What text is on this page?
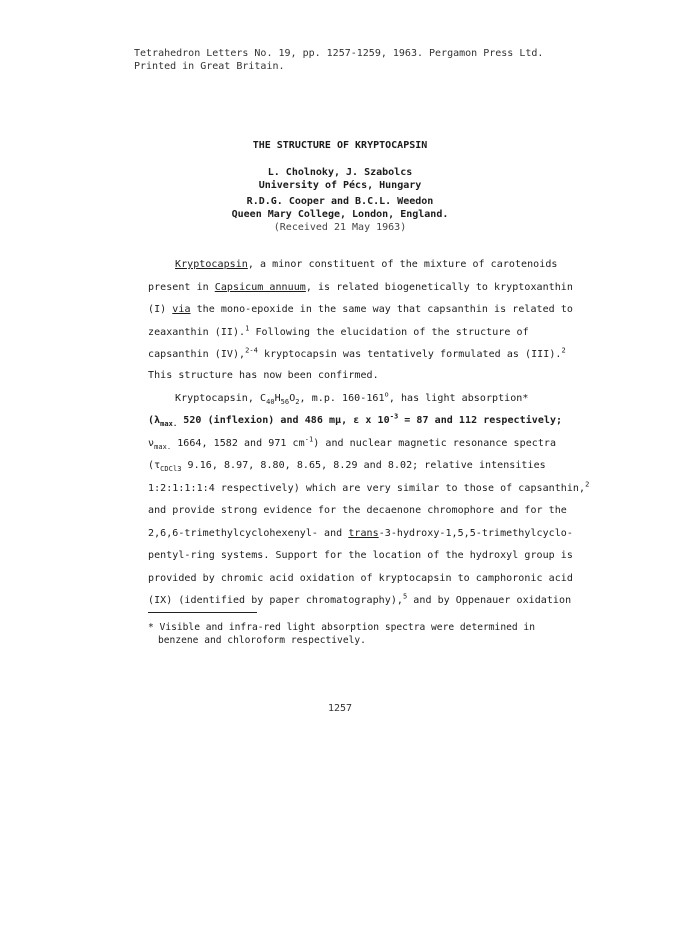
Tetrahedron Letters No. 19, pp. 1257-1259, 1963. Pergamon Press Ltd.
Printed in Great Britain.
THE STRUCTURE OF KRYPTOCAPSIN
L. Cholnoky, J. Szabolcs
University of Pécs, Hungary
R.D.G. Cooper and B.C.L. Weedon
Queen Mary College, London, England.
(Received 21 May 1963)
Kryptocapsin, a minor constituent of the mixture of carotenoids
present in Capsicum annuum, is related biogenetically to kryptoxanthin
(I) via the mono-epoxide in the same way that capsanthin is related to
zeaxanthin (II).$^1$ Following the elucidation of the structure of
capsanthin (IV),$^{2-4}$ kryptocapsin was tentatively formulated as (III).$^2$
This structure has now been confirmed.
Kryptocapsin, $C_{40}H_{56}O_2$, m.p. 160-161$^o$, has light absorption*
($\lambda_{max.}$ 520 (inflexion) and 486 mμ, ε x $10^{-3} = 87$ and 112 respectively;
$\nu_{max.}$ 1664, 1582 and 971 $cm^{-1}$) and nuclear magnetic resonance spectra
($\tau_{CDCl3}$ 9.16, 8.97, 8.80, 8.65, 8.29 and 8.02; relative intensities
1:2:1:1:1:4 respectively) which are very similar to those of capsanthin,$^2$
and provide strong evidence for the decaenone chromophore and for the
2,6,6-trimethylcyclohexenyl- and trans-3-hydroxy-1,5,5-trimethylcyclo-
pentyl-ring systems. Support for the location of the hydroxyl group is
provided by chromic acid oxidation of kryptocapsin to camphoronic acid
(IX) (identified by paper chromatography),$^5$ and by Oppenauer oxidation
* Visible and infra-red light absorption spectra were determined in
benzene and chloroform respectively.
1257
